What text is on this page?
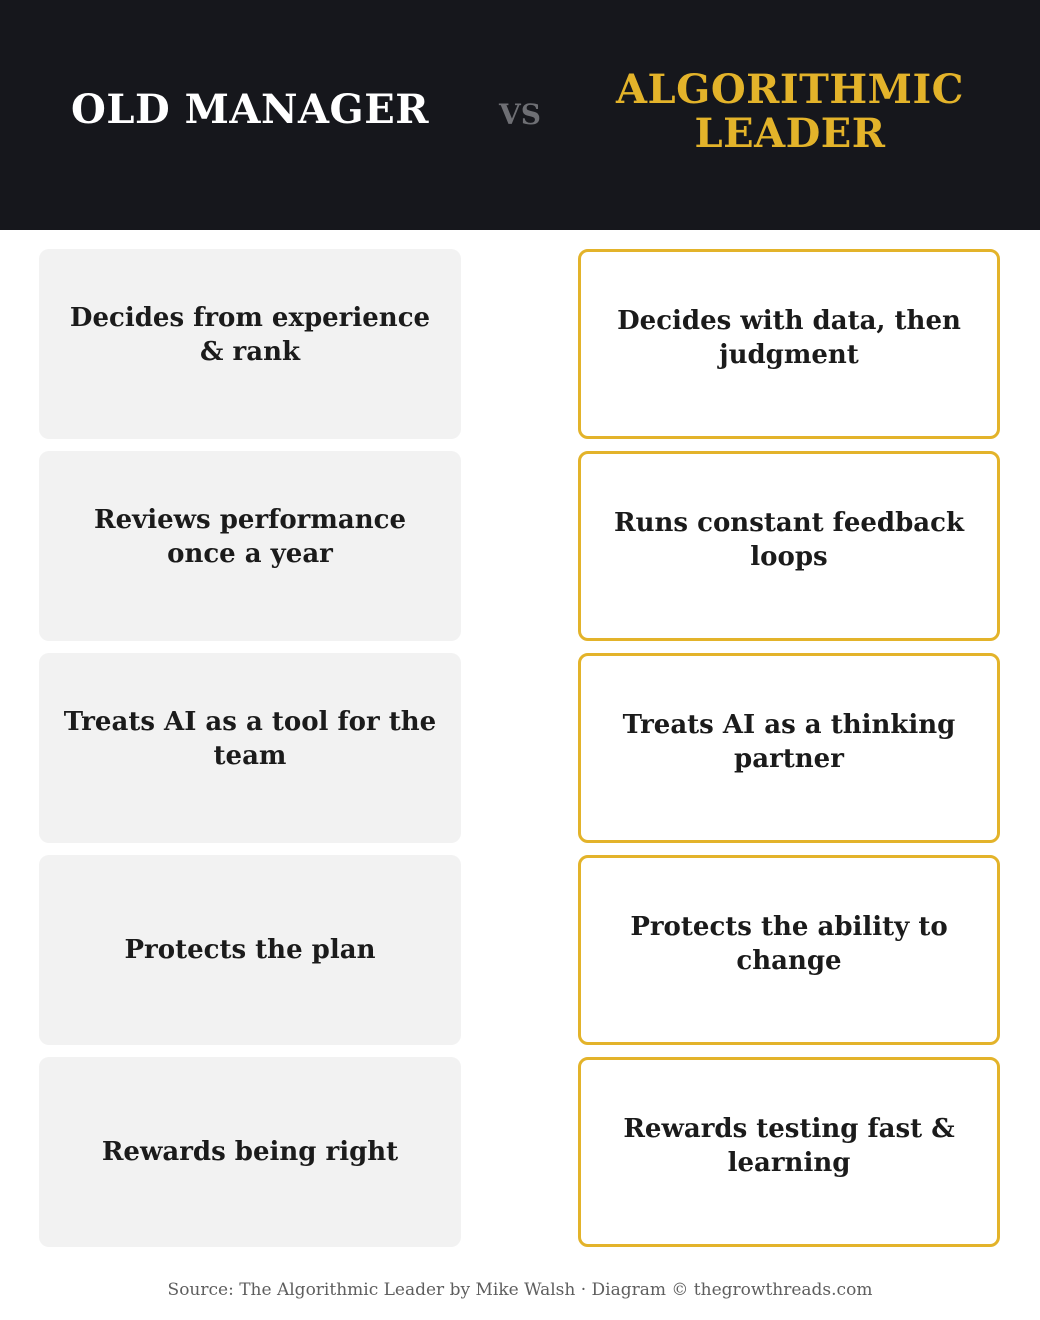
OLD MANAGER	VS
ALGORITHMIC LEADER
Decides from experience & rank
Decides with data, then judgment
Reviews performance once a year
Runs constant feedback loops
Treats AI as a tool for the team
Treats AI as a thinking partner
Protects the plan
Protects the ability to change
Rewards being right
Rewards testing fast & learning
Source: The Algorithmic Leader by Mike Walsh · Diagram © thegrowthreads.com
